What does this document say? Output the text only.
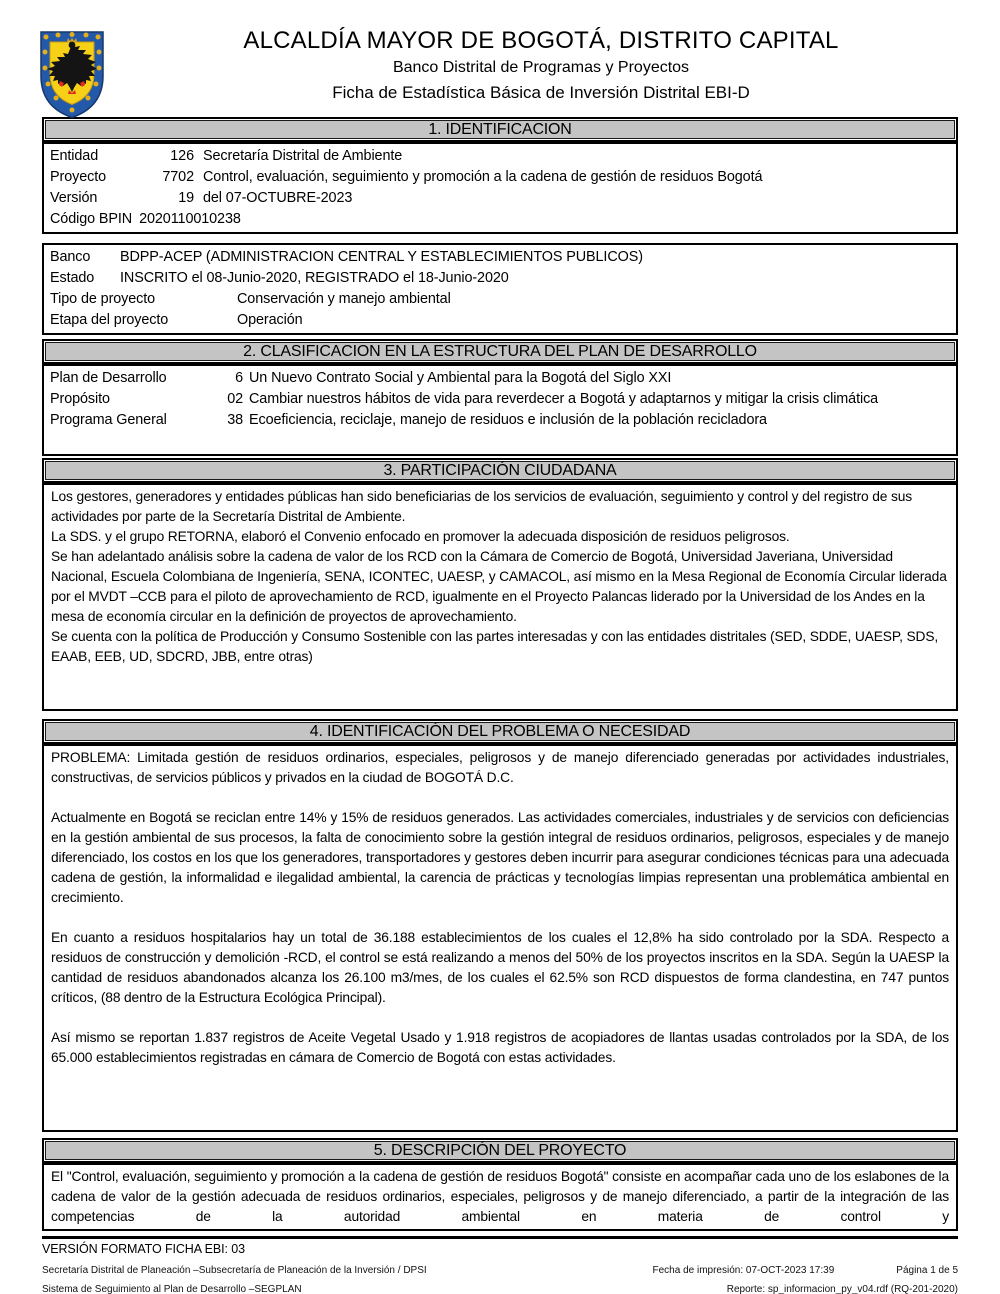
ALCALDÍA MAYOR DE BOGOTÁ, DISTRITO CAPITAL
Banco Distrital de Programas y Proyectos
Ficha de Estadística Básica de Inversión Distrital EBI-D
1. IDENTIFICACION
Entidad	126 Secretaría Distrital de Ambiente
Proyecto	7702 Control, evaluación, seguimiento y promoción a la cadena de gestión de residuos Bogotá
Versión	19 del 07-OCTUBRE-2023
Código BPIN 2020110010238
Banco	BDPP-ACEP (ADMINISTRACION CENTRAL Y ESTABLECIMIENTOS PUBLICOS)
Estado	INSCRITO el 08-Junio-2020, REGISTRADO el 18-Junio-2020
Tipo de proyecto	Conservación y manejo ambiental
Etapa del proyecto	Operación
2. CLASIFICACION EN LA ESTRUCTURA DEL PLAN DE DESARROLLO
Plan de Desarrollo	6 Un Nuevo Contrato Social y Ambiental para la Bogotá del Siglo XXI
Propósito	02 Cambiar nuestros hábitos de vida para reverdecer a Bogotá y adaptarnos y mitigar la crisis climática
Programa General	38 Ecoeficiencia, reciclaje, manejo de residuos e inclusión de la población recicladora
3. PARTICIPACIÓN CIUDADANA

Los gestores, generadores y entidades públicas han sido beneficiarias de los servicios de evaluación, seguimiento y control y del registro de sus actividades por parte de la Secretaría Distrital de Ambiente.

La SDS. y el grupo RETORNA, elaboró el Convenio enfocado en promover la adecuada disposición de residuos peligrosos.

Se han adelantado análisis sobre la cadena de valor de los RCD con la Cámara de Comercio de Bogotá, Universidad Javeriana, Universidad Nacional, Escuela Colombiana de Ingeniería, SENA, ICONTEC, UAESP, y CAMACOL, así mismo en la Mesa Regional de Economía Circular liderada por el MVDT –CCB para el piloto de aprovechamiento de RCD, igualmente en el Proyecto Palancas liderado por la Universidad de los Andes en la mesa de economía circular en la definición de proyectos de aprovechamiento.

Se cuenta con la política de Producción y Consumo Sostenible con las partes interesadas y con las entidades distritales (SED, SDDE, UAESP, SDS, EAAB, EEB, UD, SDCRD, JBB, entre otras)

4. IDENTIFICACIÓN DEL PROBLEMA O NECESIDAD

PROBLEMA: Limitada gestión de residuos ordinarios, especiales, peligrosos y de manejo diferenciado generadas por actividades industriales, constructivas, de servicios públicos y privados en la ciudad de BOGOTÁ D.C.

Actualmente en Bogotá se reciclan entre 14% y 15% de residuos generados. Las actividades comerciales, industriales y de servicios con deficiencias en la gestión ambiental de sus procesos, la falta de conocimiento sobre la gestión integral de residuos ordinarios, peligrosos, especiales y de manejo diferenciado, los costos en los que los generadores, transportadores y gestores deben incurrir para asegurar condiciones técnicas para una adecuada cadena de gestión, la informalidad e ilegalidad ambiental, la carencia de prácticas y tecnologías limpias representan una problemática ambiental en crecimiento.

En cuanto a residuos hospitalarios hay un total de 36.188 establecimientos de los cuales el 12,8% ha sido controlado por la SDA. Respecto a residuos de construcción y demolición -RCD, el control se está realizando a menos del 50% de los proyectos inscritos en la SDA. Según la UAESP la cantidad de residuos abandonados alcanza los 26.100 m3/mes, de los cuales el 62.5% son RCD dispuestos de forma clandestina, en 747 puntos críticos, (88 dentro de la Estructura Ecológica Principal).

Así mismo se reportan 1.837 registros de Aceite Vegetal Usado y 1.918 registros de acopiadores de llantas usadas controlados por la SDA, de los 65.000 establecimientos registradas en cámara de Comercio de Bogotá con estas actividades.

5. DESCRIPCIÓN DEL PROYECTO

El "Control, evaluación, seguimiento y promoción a la cadena de gestión de residuos Bogotá" consiste en acompañar cada uno de los eslabones de la cadena de valor de la gestión adecuada de residuos ordinarios, especiales, peligrosos y de manejo diferenciado, a partir de la integración de las competencias de la autoridad ambiental en materia de control y

VERSIÓN FORMATO FICHA EBI: 03
Secretaría Distrital de Planeación –Subsecretaría de Planeación de la Inversión / DPSI
Sistema de Seguimiento al Plan de Desarrollo –SEGPLAN
Fecha de impresión: 07-OCT-2023 17:39	Página 1 de 5
Reporte: sp_informacion_py_v04.rdf (RQ-201-2020)
